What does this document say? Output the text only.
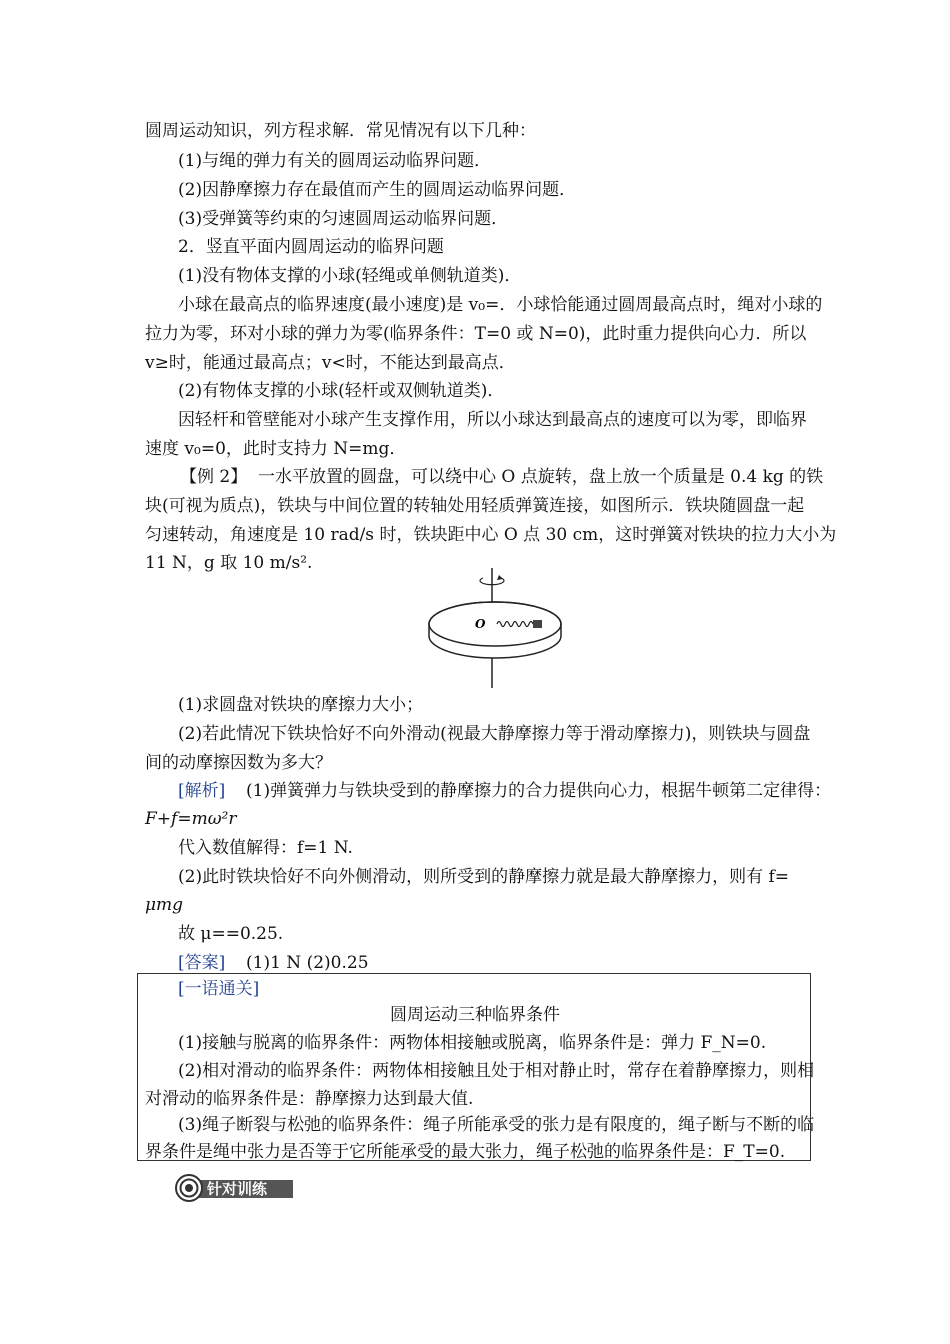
圆周运动知识，列方程求解．常见情况有以下几种：
(1)与绳的弹力有关的圆周运动临界问题．
(2)因静摩擦力存在最值而产生的圆周运动临界问题．
(3)受弹簧等约束的匀速圆周运动临界问题．
2．竖直平面内圆周运动的临界问题
(1)没有物体支撑的小球(轻绳或单侧轨道类)．
小球在最高点的临界速度(最小速度)是 v₀=．小球恰能通过圆周最高点时，绳对小球的
拉力为零，环对小球的弹力为零(临界条件：T=0 或 N=0)，此时重力提供向心力．所以
v≥时，能通过最高点；v<时，不能达到最高点．
(2)有物体支撑的小球(轻杆或双侧轨道类)．
因轻杆和管壁能对小球产生支撑作用，所以小球达到最高点的速度可以为零，即临界
速度 v₀=0，此时支持力 N=mg．
【例 2】 一水平放置的圆盘，可以绕中心 O 点旋转，盘上放一个质量是 0.4 kg 的铁
块(可视为质点)，铁块与中间位置的转轴处用轻质弹簧连接，如图所示．铁块随圆盘一起
匀速转动，角速度是 10 rad/s 时，铁块距中心 O 点 30 cm，这时弹簧对铁块的拉力大小为
11 N，g 取 10 m/s².
O
(1)求圆盘对铁块的摩擦力大小；
(2)若此情况下铁块恰好不向外滑动(视最大静摩擦力等于滑动摩擦力)，则铁块与圆盘
间的动摩擦因数为多大？
[解析] (1)弹簧弹力与铁块受到的静摩擦力的合力提供向心力，根据牛顿第二定律得：
F+f=mω²r
代入数值解得：f=1 N.
(2)此时铁块恰好不向外侧滑动，则所受到的静摩擦力就是最大静摩擦力，则有 f=
μmg
故 μ==0.25.
[答案] (1)1 N (2)0.25
[一语通关]
圆周运动三种临界条件
(1)接触与脱离的临界条件：两物体相接触或脱离，临界条件是：弹力 F_N=0.
(2)相对滑动的临界条件：两物体相接触且处于相对静止时，常存在着静摩擦力，则相
对滑动的临界条件是：静摩擦力达到最大值.
(3)绳子断裂与松弛的临界条件：绳子所能承受的张力是有限度的，绳子断与不断的临
界条件是绳中张力是否等于它所能承受的最大张力，绳子松弛的临界条件是：F_T=0.
针对训练
